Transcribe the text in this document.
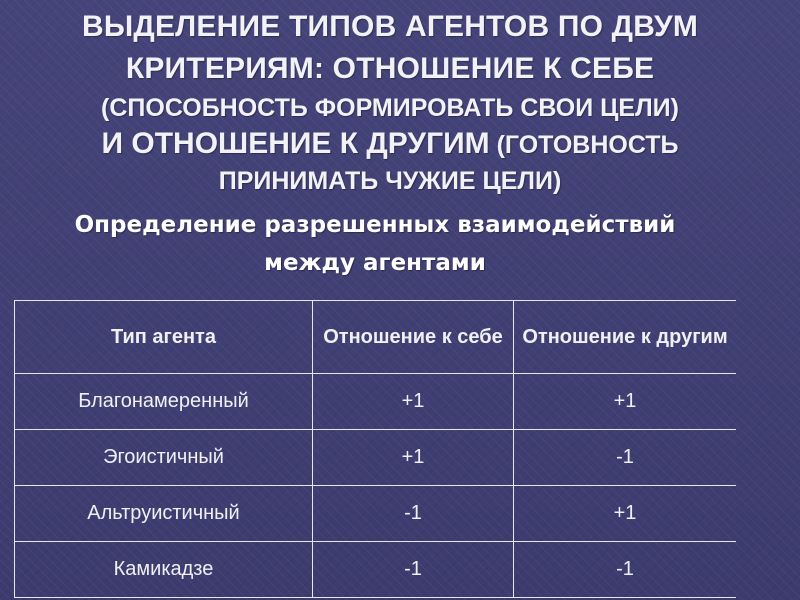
ВЫДЕЛЕНИЕ ТИПОВ АГЕНТОВ ПО ДВУМ
КРИТЕРИЯМ: ОТНОШЕНИЕ К СЕБЕ
(СПОСОБНОСТЬ ФОРМИРОВАТЬ СВОИ ЦЕЛИ)
И ОТНОШЕНИЕ К ДРУГИМ (ГОТОВНОСТЬ
ПРИНИМАТЬ ЧУЖИЕ ЦЕЛИ)
Определение разрешенных взаимодействий
между агентами
Тип агента	Отношение к себе	Отношение к другим
Благонамеренный	+1	+1
Эгоистичный	+1	-1
Альтруистичный	-1	+1
Камикадзе	-1	-1
